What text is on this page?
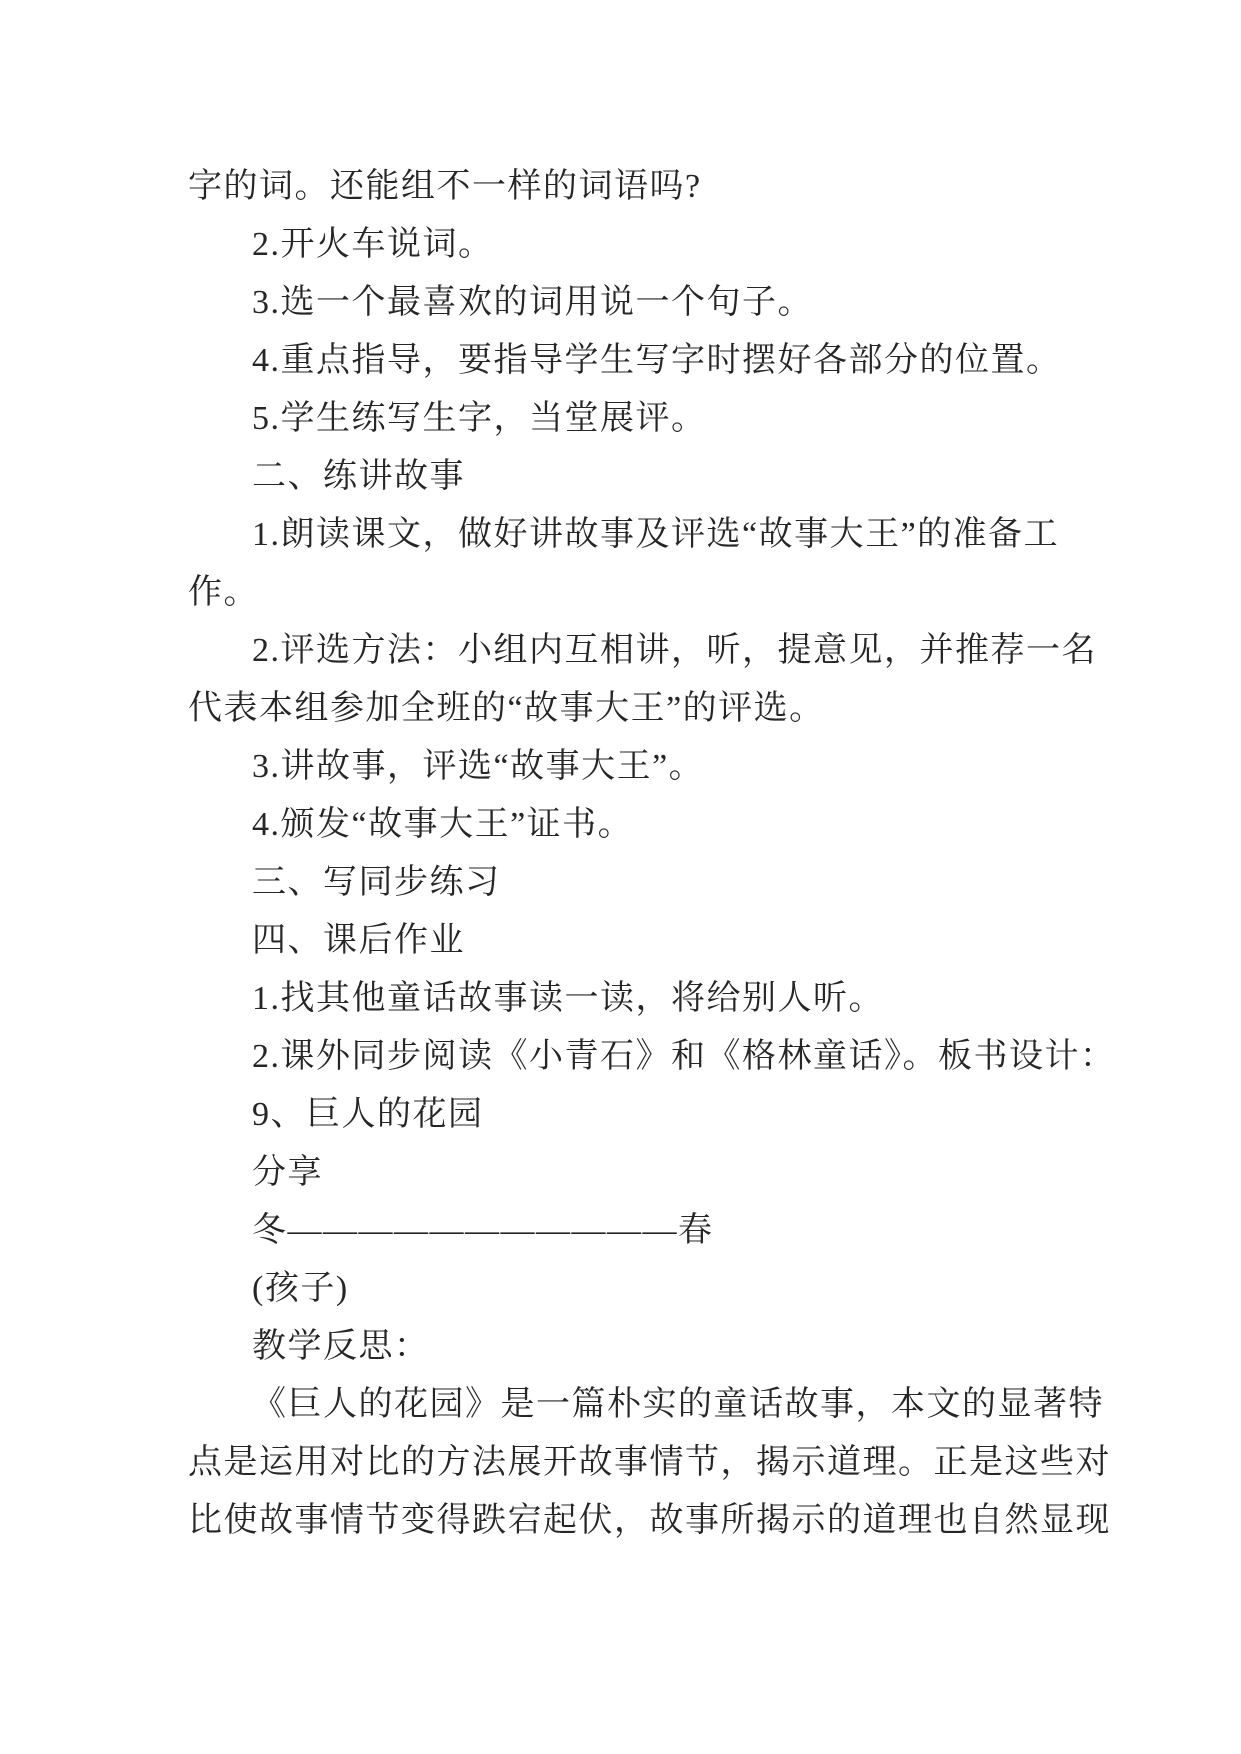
字的词。还能组不一样的词语吗?
2.开火车说词。
3.选一个最喜欢的词用说一个句子。
4.重点指导，要指导学生写字时摆好各部分的位置。
5.学生练写生字，当堂展评。
二、练讲故事
1.朗读课文，做好讲故事及评选“故事大王”的准备工
作。
2.评选方法：小组内互相讲，听，提意见，并推荐一名
代表本组参加全班的“故事大王”的评选。
3.讲故事，评选“故事大王”。
4.颁发“故事大王”证书。
三、写同步练习
四、课后作业
1.找其他童话故事读一读，将给别人听。
2.课外同步阅读《小青石》和《格林童话》。板书设计：
9、巨人的花园
分享
冬———————————春
(孩子)
教学反思：
《巨人的花园》是一篇朴实的童话故事，本文的显著特
点是运用对比的方法展开故事情节，揭示道理。正是这些对
比使故事情节变得跌宕起伏，故事所揭示的道理也自然显现
